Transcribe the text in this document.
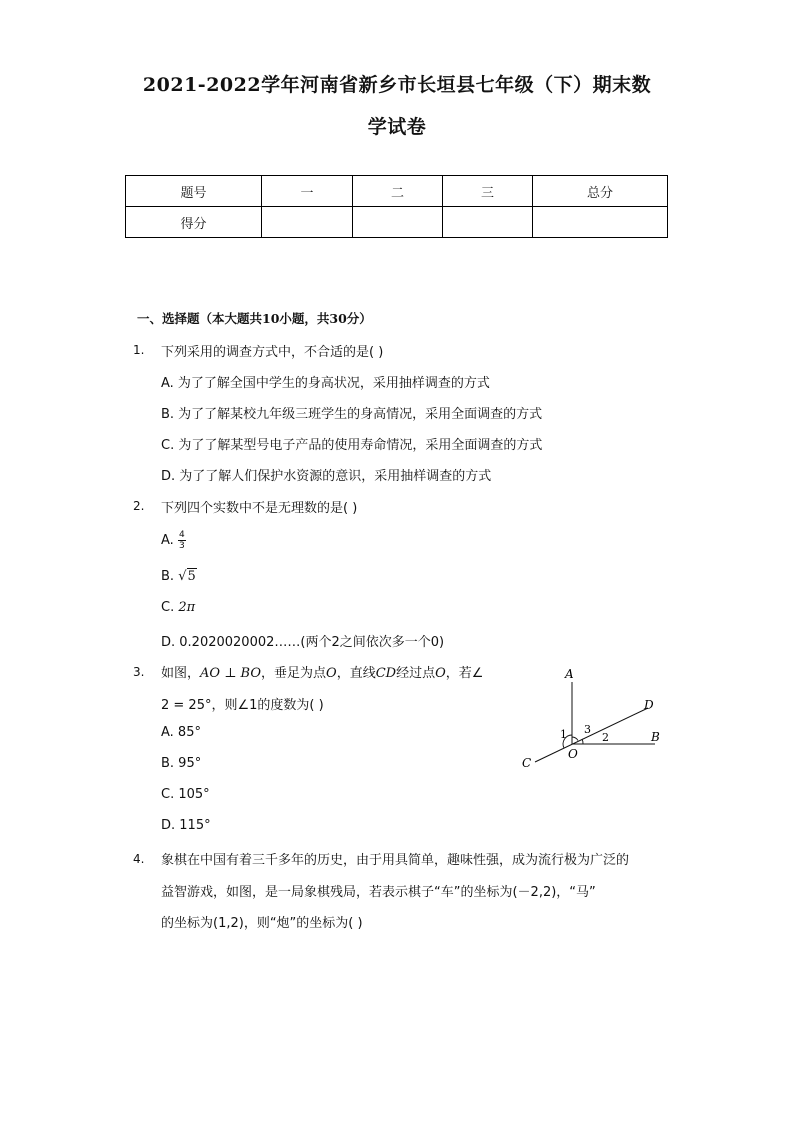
2021-2022学年河南省新乡市长垣县七年级（下）期末数
学试卷
题号	一	二	三	总分
得分				
一、选择题（本大题共10小题，共30分）
1. 下列采用的调查方式中，不合适的是( )
A. 为了了解全国中学生的身高状况，采用抽样调查的方式
B. 为了了解某校九年级三班学生的身高情况，采用全面调查的方式
C. 为了了解某型号电子产品的使用寿命情况，采用全面调查的方式
D. 为了了解人们保护水资源的意识，采用抽样调查的方式
2. 下列四个实数中不是无理数的是( )
A. $\frac{4}{3}$
B. √5
C. 2π
D. 0.2020020002……(两个2之间依次多一个0)
3. 如图，AO ⊥ BO，垂足为点O，直线CD经过点O，若∠
2 = 25°，则∠1的度数为( )
A. 85°
B. 95°
C. 105°
D. 115°
A
B
C
D
O
1	2
3
4. 象棋在中国有着三千多年的历史，由于用具简单，趣味性强，成为流行极为广泛的
益智游戏，如图，是一局象棋残局，若表示棋子“车”的坐标为(－2,2)，“马”
的坐标为(1,2)，则“炮”的坐标为( )
